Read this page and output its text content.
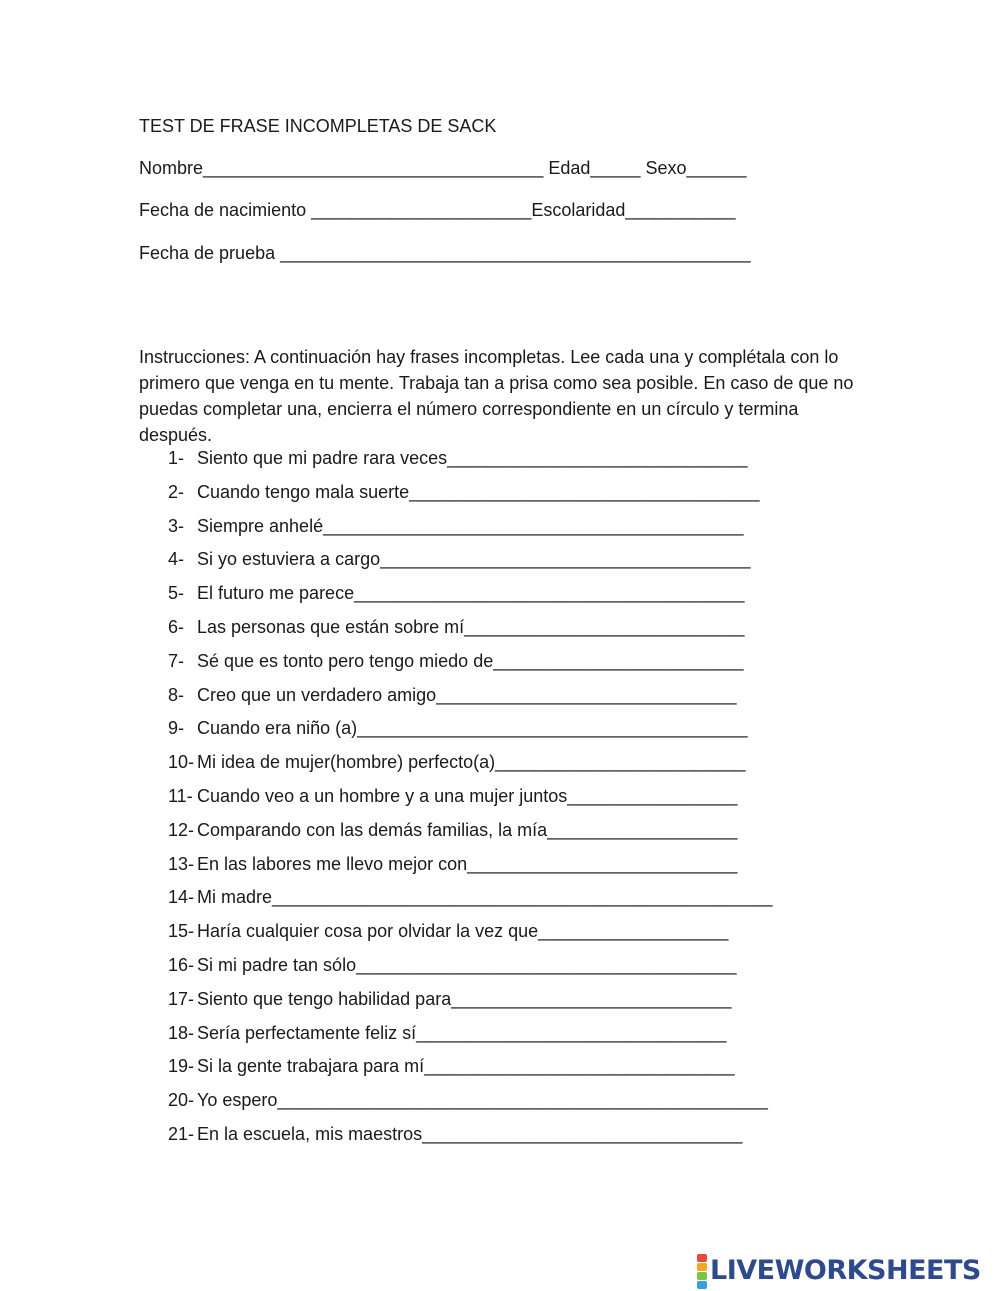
TEST DE FRASE INCOMPLETAS DE SACK
Nombre__________________________________ Edad_____ Sexo______
Fecha de nacimiento ______________________Escolaridad___________
Fecha de prueba _______________________________________________

Instrucciones: A continuación hay frases incompletas. Lee cada una y complétala con lo primero que venga en tu mente. Trabaja tan a prisa como sea posible. En caso de que no puedas completar una, encierra el número correspondiente en un círculo y termina después.

1- Siento que mi padre rara veces______________________________
2- Cuando tengo mala suerte___________________________________
3- Siempre anhelé__________________________________________
4- Si yo estuviera a cargo_____________________________________
5- El futuro me parece_______________________________________
6- Las personas que están sobre mí____________________________
7- Sé que es tonto pero tengo miedo de_________________________
8- Creo que un verdadero amigo______________________________
9- Cuando era niño (a)_______________________________________
10- Mi idea de mujer(hombre) perfecto(a)_________________________
11- Cuando veo a un hombre y a una mujer juntos_________________
12- Comparando con las demás familias, la mía___________________
13- En las labores me llevo mejor con___________________________
14- Mi madre__________________________________________________
15- Haría cualquier cosa por olvidar la vez que___________________
16- Si mi padre tan sólo______________________________________
17- Siento que tengo habilidad para____________________________
18- Sería perfectamente feliz sí_______________________________
19- Si la gente trabajara para mí_______________________________
20- Yo espero_________________________________________________
21- En la escuela, mis maestros________________________________
LIVEWORKSHEETS
